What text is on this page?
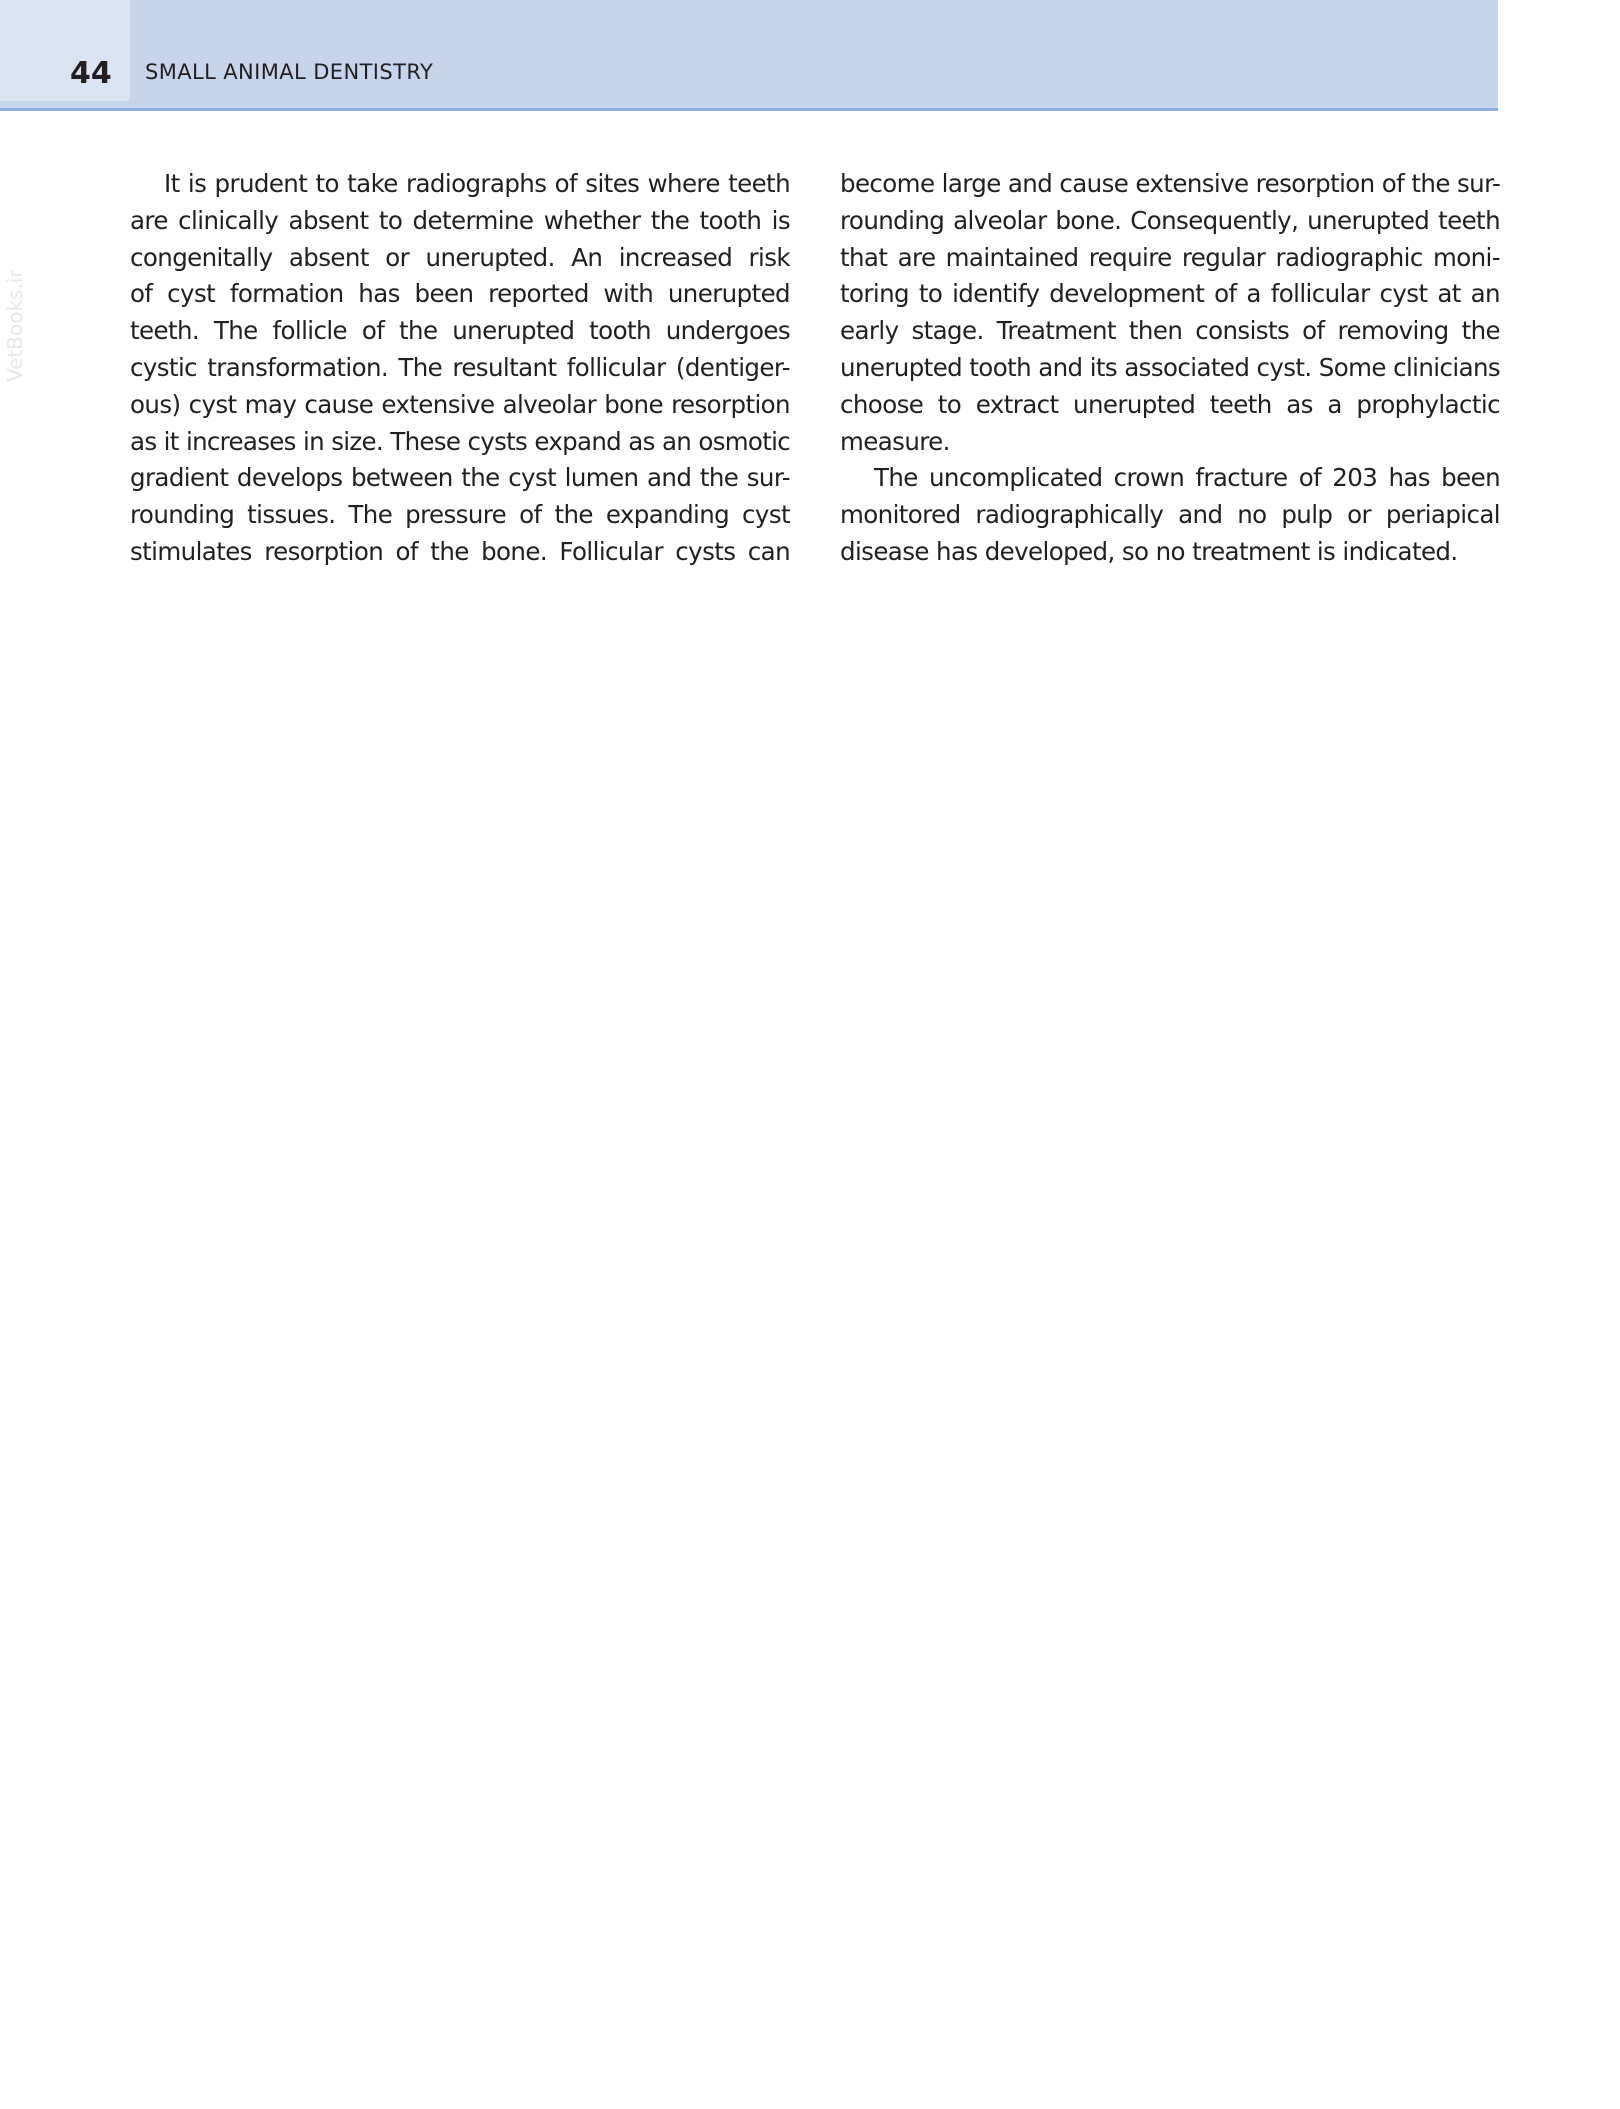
44 SMALL ANIMAL DENTISTRY
VetBooks.ir
It is prudent to take radiographs of sites where teeth
are clinically absent to determine whether the tooth is
congenitally absent or unerupted. An increased risk
of cyst formation has been reported with unerupted
teeth. The follicle of the unerupted tooth undergoes
cystic transformation. The resultant follicular (dentiger-
ous) cyst may cause extensive alveolar bone resorption
as it increases in size. These cysts expand as an osmotic
gradient develops between the cyst lumen and the sur-
rounding tissues. The pressure of the expanding cyst
stimulates resorption of the bone. Follicular cysts can
become large and cause extensive resorption of the sur-
rounding alveolar bone. Consequently, unerupted teeth
that are maintained require regular radiographic moni-
toring to identify development of a follicular cyst at an
early stage. Treatment then consists of removing the
unerupted tooth and its associated cyst. Some clinicians
choose to extract unerupted teeth as a prophylactic
measure.
The uncomplicated crown fracture of 203 has been
monitored radiographically and no pulp or periapical
disease has developed, so no treatment is indicated.
